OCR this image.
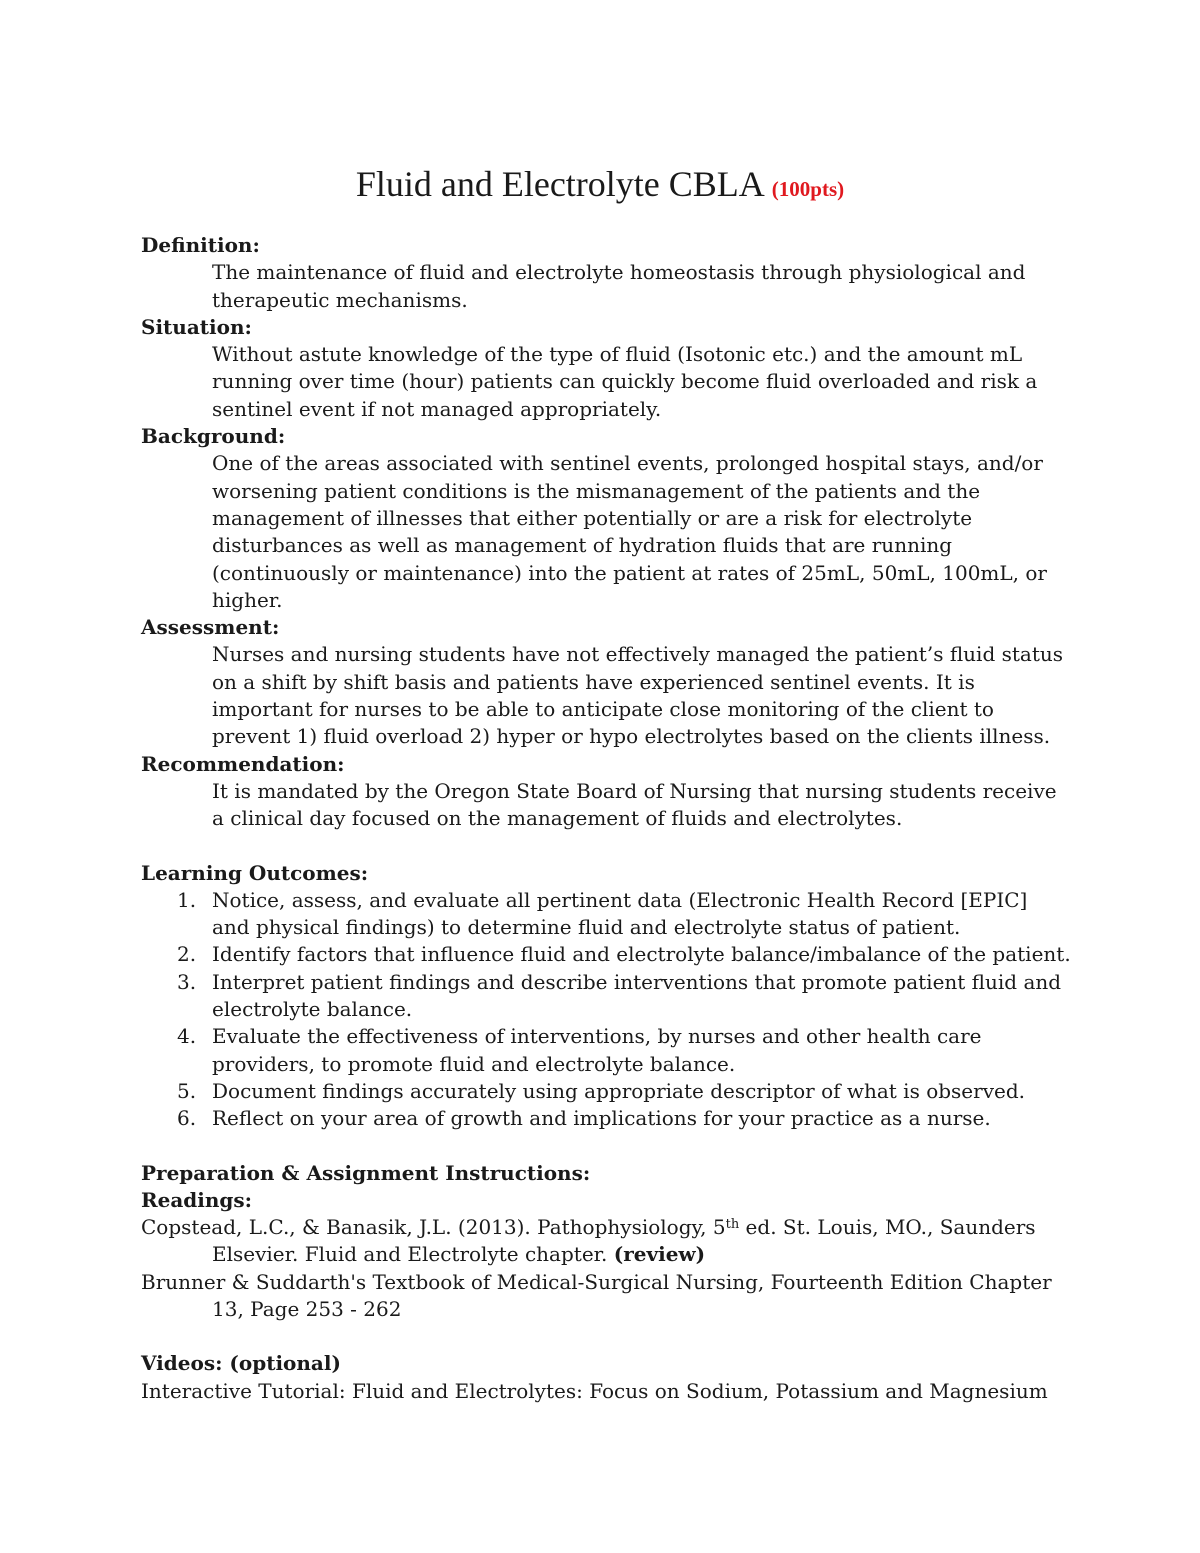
Fluid and Electrolyte CBLA (100pts)
Definition:
The maintenance of fluid and electrolyte homeostasis through physiological and therapeutic mechanisms.
Situation:
Without astute knowledge of the type of fluid (Isotonic etc.) and the amount mL running over time (hour) patients can quickly become fluid overloaded and risk a sentinel event if not managed appropriately.
Background:
One of the areas associated with sentinel events, prolonged hospital stays, and/or worsening patient conditions is the mismanagement of the patients and the management of illnesses that either potentially or are a risk for electrolyte disturbances as well as management of hydration fluids that are running (continuously or maintenance) into the patient at rates of 25mL, 50mL, 100mL, or higher.
Assessment:
Nurses and nursing students have not effectively managed the patient’s fluid status on a shift by shift basis and patients have experienced sentinel events. It is important for nurses to be able to anticipate close monitoring of the client to prevent 1) fluid overload 2) hyper or hypo electrolytes based on the clients illness.
Recommendation:
It is mandated by the Oregon State Board of Nursing that nursing students receive a clinical day focused on the management of fluids and electrolytes.
Learning Outcomes:
1. Notice, assess, and evaluate all pertinent data (Electronic Health Record [EPIC] and physical findings) to determine fluid and electrolyte status of patient.
2. Identify factors that influence fluid and electrolyte balance/imbalance of the patient.
3. Interpret patient findings and describe interventions that promote patient fluid and electrolyte balance.
4. Evaluate the effectiveness of interventions, by nurses and other health care providers, to promote fluid and electrolyte balance.
5. Document findings accurately using appropriate descriptor of what is observed.
6. Reflect on your area of growth and implications for your practice as a nurse.
Preparation & Assignment Instructions:
Readings:
Copstead, L.C., & Banasik, J.L. (2013). Pathophysiology, 5th ed. St. Louis, MO., Saunders Elsevier. Fluid and Electrolyte chapter. (review)
Brunner & Suddarth's Textbook of Medical-Surgical Nursing, Fourteenth Edition Chapter 13, Page 253 - 262
Videos: (optional)
Interactive Tutorial: Fluid and Electrolytes: Focus on Sodium, Potassium and Magnesium
